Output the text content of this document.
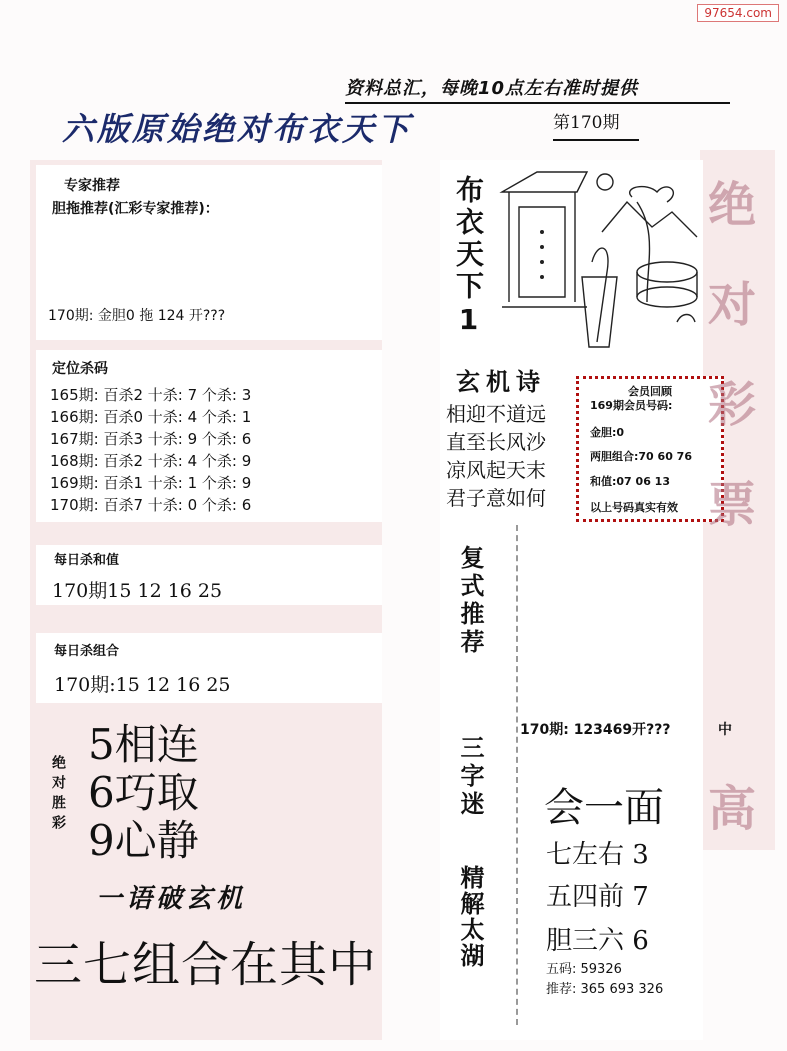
97654.com
资料总汇，每晚10点左右准时提供
六版原始绝对布衣天下	第170期
专家推荐
胆拖推荐(汇彩专家推荐)：
170期: 金胆0 拖 124 开???
定位杀码
165期: 百杀2 十杀: 7 个杀: 3
166期: 百杀0 十杀: 4 个杀: 1
167期: 百杀3 十杀: 9 个杀: 6
168期: 百杀2 十杀: 4 个杀: 9
169期: 百杀1 十杀: 1 个杀: 9
170期: 百杀7 十杀: 0 个杀: 6
每日杀和值
170期15 12 16 25
每日杀组合
170期:15 12 16 25
绝对胜彩
5相连
6巧取
9心静
一语破玄机
三七组合在其中
布衣天下1
玄机诗
相迎不道远
直至长风沙
凉风起天末
君子意如何
会员回顾
169期会员号码:
金胆:0
两胆组合:70 60 76
和值:07 06 13
以上号码真实有效
复式推荐
三字迷
精解太湖
170期: 123469开???	中
会一面
七左右 3
五四前 7
胆三六 6
五码: 59326
推荐: 365 693 326
绝
对
彩
票
高
